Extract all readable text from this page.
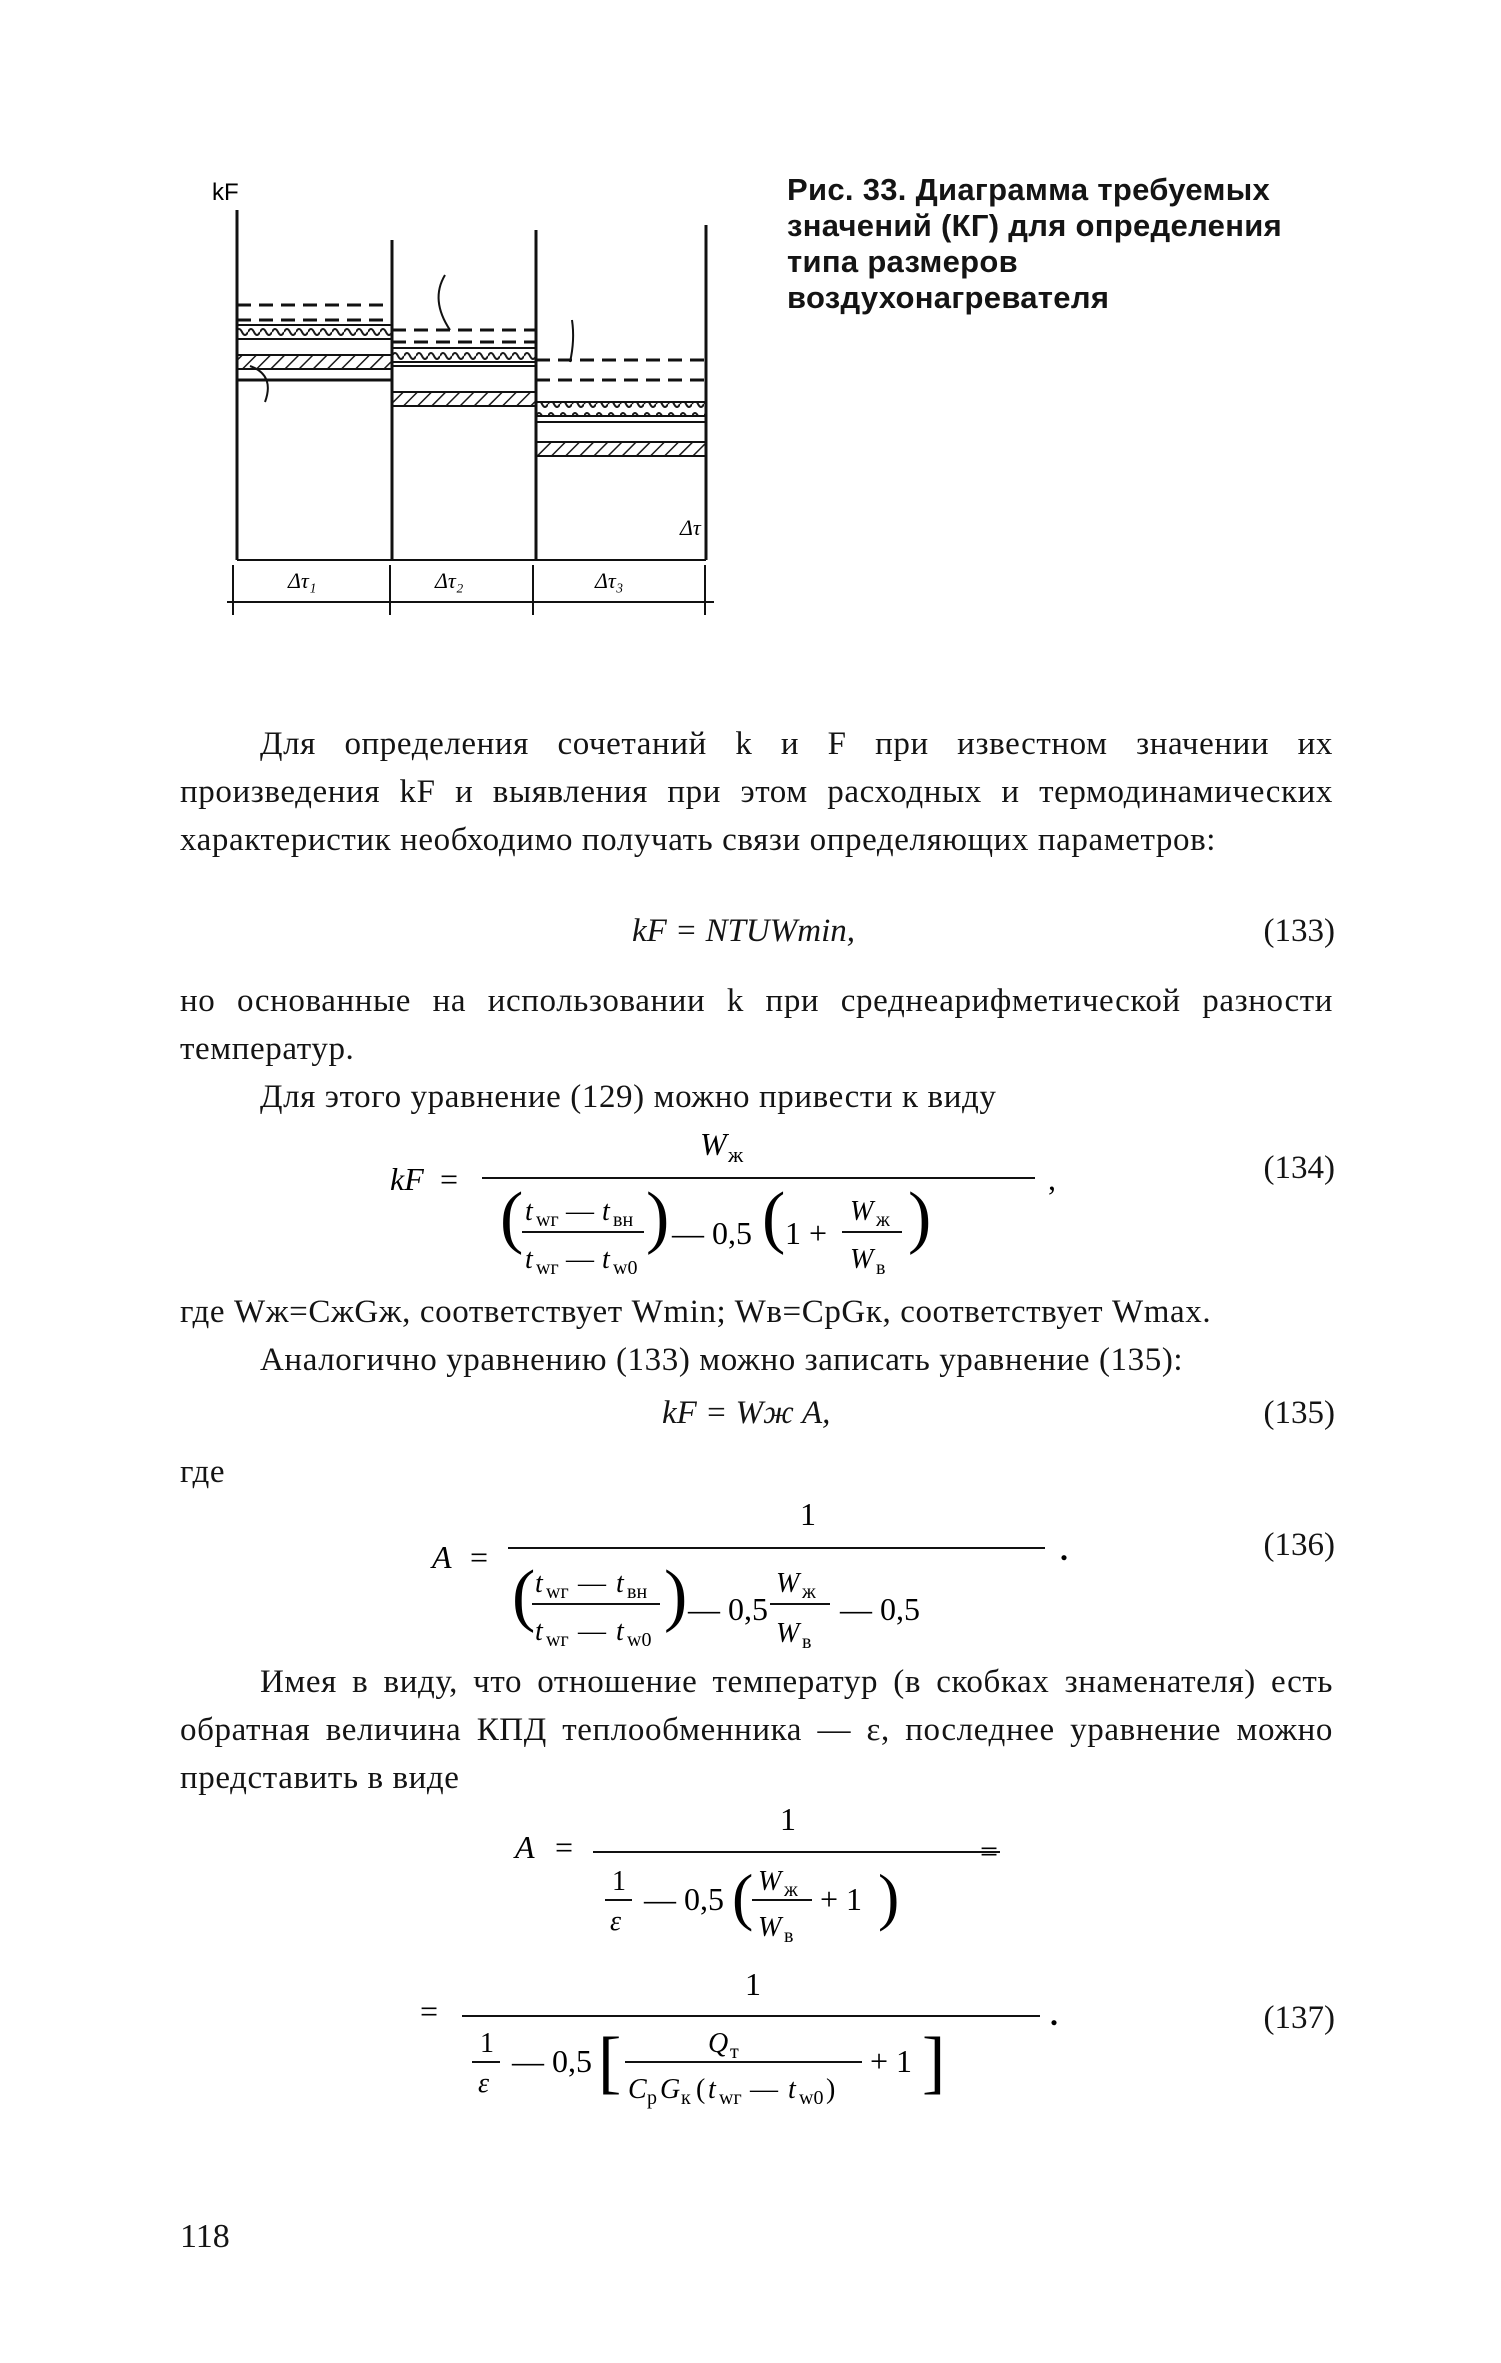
kF
Δτ
Δτ₁	Δτ₂	Δτ₃
Рис. 33. Диаграмма требуемых значений (КГ) для определения типа размеров воздухонагревателя

Для определения сочетаний k и F при известном значении их произведения kF и выявления при этом расходных и термодинамических характеристик необходимо получать связи определяющих параметров:

kF = NTUWmin,	(133)

но основанные на использовании k при среднеарифметической разности температур.

Для этого уравнение (129) можно привести к виду

kF =
W ж
( t wг — t вн
t wг — t w0
) — 0,5 ( 1 +
W ж
W в
)	,	(134)

где Wж=CжGж, соответствует Wmin; Wв=CрGк, соответствует Wmax.

Аналогично уравнению (133) можно записать уравнение (135):

kF = Wж A,	(135)

где

A =
1
( t wг — t вн
t wг — t w0
) — 0,5
W ж
W в
— 0,5
.	(136)

Имея в виду, что отношение температур (в скобках знаменателя) есть обратная величина КПД теплообменника — ε, последнее уравнение можно представить в виде

A =
1
1
ε
— 0,5 ( W ж
W в
+ 1 )
=
=
1
1
ε
— 0,5 [	Q т
C р G к ( t wг — t w0 )
+ 1 ]
.	(137)
118
